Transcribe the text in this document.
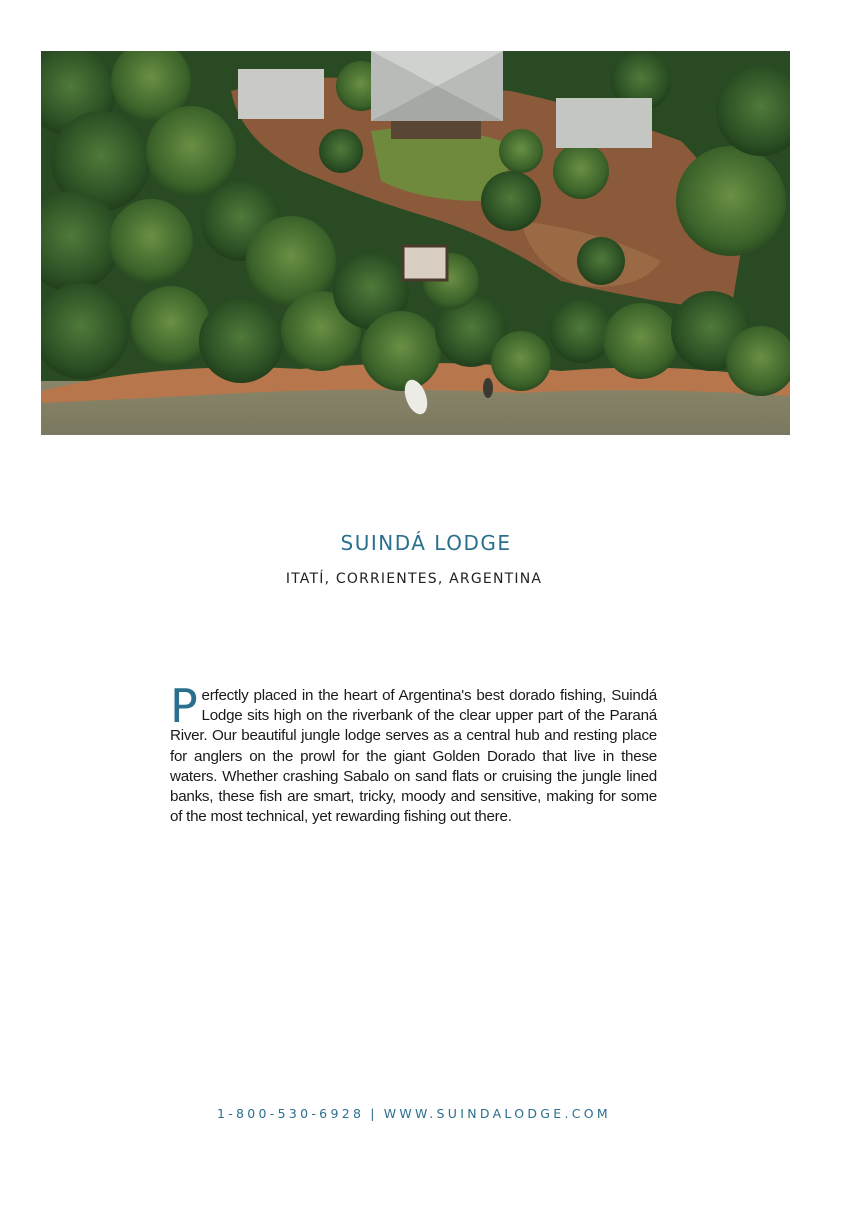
SUINDÁ LODGE

ITATÍ, CORRIENTES, ARGENTINA

Perfectly placed in the heart of Argentina's best dorado fishing, Suindá Lodge sits high on the riverbank of the clear upper part of the Paraná River. Our beautiful jungle lodge serves as a central hub and resting place for anglers on the prowl for the giant Golden Dorado that live in these waters. Whether crashing Sabalo on sand flats or cruising the jungle lined banks, these fish are smart, tricky, moody and sensitive, making for some of the most technical, yet rewarding fishing out there.

1-800-530-6928 | WWW.SUINDALODGE.COM
